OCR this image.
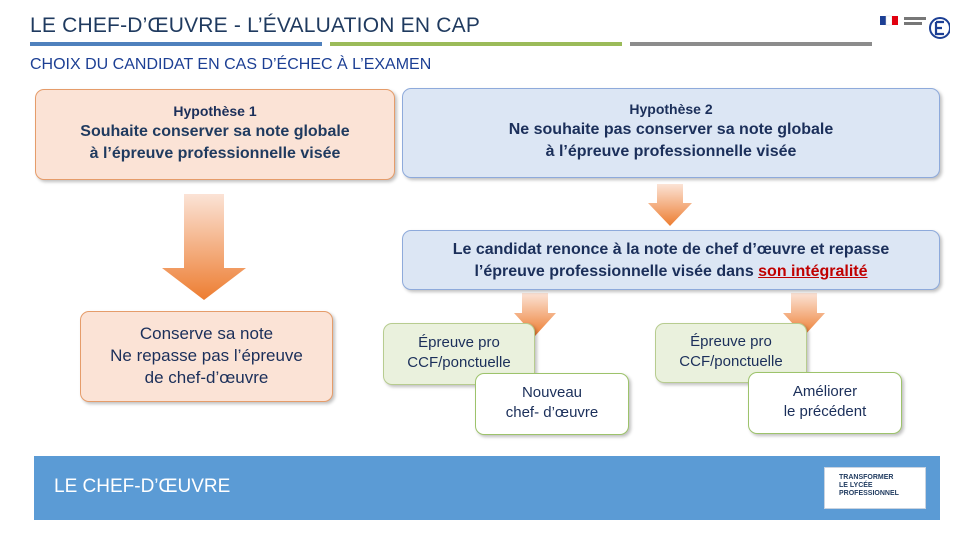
LE CHEF-D’ŒUVRE - L’ÉVALUATION EN CAP
CHOIX DU CANDIDAT EN CAS D’ÉCHEC À L’EXAMEN
Hypothèse 1
Souhaite conserver sa note globale
à l’épreuve professionnelle visée
Hypothèse 2
Ne souhaite pas conserver sa note globale
à l’épreuve professionnelle visée
Le candidat renonce à la note de chef d’œuvre et repasse
l’épreuve professionnelle visée dans son intégralité
Conserve sa note
Ne repasse pas l’épreuve
de chef-d’œuvre
Épreuve pro
CCF/ponctuelle
Nouveau
chef- d’œuvre
Épreuve pro
CCF/ponctuelle
Améliorer
le précédent
LE CHEF-D’ŒUVRE	TRANSFORMER
LE LYCÉE
PROFESSIONNEL
